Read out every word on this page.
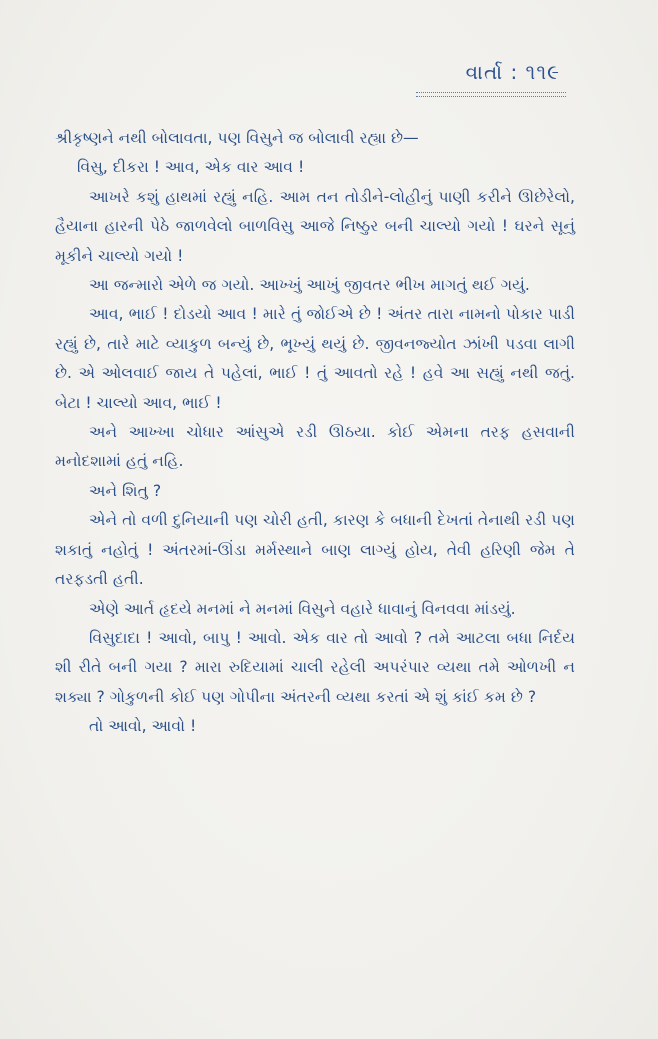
વાર્તા : ૧૧૯

શ્રીકૃષ્ણને નથી બોલાવતા, પણ વિસુને જ બોલાવી રહ્યા છે—

વિસુ, દીકરા ! આવ, એક વાર આવ !

આખરે કશું હાથમાં રહ્યું નહિ. આમ તન તોડીને-લોહીનું પાણી કરીને ઊછેરેલો, હૈયાના હારની પેઠે જાળવેલો બાળવિસુ આજે નિષ્ઠુર બની ચાલ્યો ગયો ! ઘરને સૂનું મૂકીને ચાલ્યો ગયો !

આ જન્મારો એળે જ ગયો. આખ્ખુંં આખું જીવતર ભીખ માગતું થઈ ગયું.

આવ, ભાઈ ! દોડયો આવ ! મારે તું જોઈએ છે ! અંતર તારા નામનો પોકાર પાડી રહ્યું છે, તારે માટે વ્યાકુળ બન્યું છે, ભૂખ્યું થયું છે. જીવનજ્યોત ઝાંખી પડવા લાગી છે. એ ઓલવાઈ જાય તે પહેલાં, ભાઈ ! તું આવતો રહે ! હવે આ સહ્યું નથી જતું. બેટા ! ચાલ્યો આવ, ભાઈ !

અને આખ્ખા ચોધાર આંસુએ રડી ઊઠયા. કોઈ એમના તરફ હસવાની મનોદશામાં હતું નહિ.

અને શિતુ ?

એને તો વળી દુનિયાની પણ ચોરી હતી, કારણ કે બધાની દેખતાં તેનાથી રડી પણ શકાતું નહોતું ! અંતરમાં-ઊંડા મર્મસ્થાને બાણ લાગ્યું હોય, તેવી હરિણી જેમ તે તરફડતી હતી.

એણે આર્ત હૃદયે મનમાં ને મનમાં વિસુને વહારે ધાવાનું વિનવવા માંડયું.

વિસુદાદા ! આવો, બાપુ ! આવો. એક વાર તો આવો ? તમે આટલા બધા નિર્દય શી રીતે બની ગયા ? મારા રુદિયામાં ચાલી રહેલી અપરંપાર વ્યથા તમે ઓળખી ન શક્યા ? ગોકુળની કોઈ પણ ગોપીના અંતરની વ્યથા કરતાં એ શું કાંઈ કમ છે ?

તો આવો, આવો !
